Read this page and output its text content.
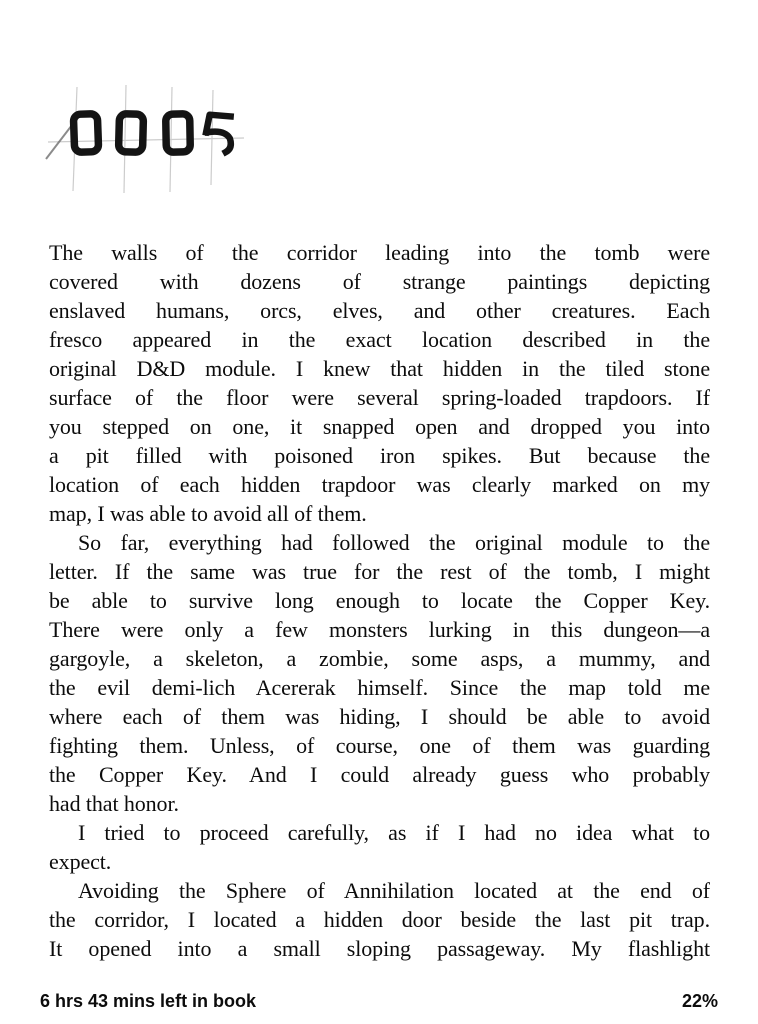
The walls of the corridor leading into the tomb were
covered with dozens of strange paintings depicting
enslaved humans, orcs, elves, and other creatures. Each
fresco appeared in the exact location described in the
original D&D module. I knew that hidden in the tiled stone
surface of the floor were several spring-loaded trapdoors. If
you stepped on one, it snapped open and dropped you into
a pit filled with poisoned iron spikes. But because the
location of each hidden trapdoor was clearly marked on my
map, I was able to avoid all of them.
So far, everything had followed the original module to the
letter. If the same was true for the rest of the tomb, I might
be able to survive long enough to locate the Copper Key.
There were only a few monsters lurking in this dungeon—a
gargoyle, a skeleton, a zombie, some asps, a mummy, and
the evil demi-lich Acererak himself. Since the map told me
where each of them was hiding, I should be able to avoid
fighting them. Unless, of course, one of them was guarding
the Copper Key. And I could already guess who probably
had that honor.
I tried to proceed carefully, as if I had no idea what to
expect.
Avoiding the Sphere of Annihilation located at the end of
the corridor, I located a hidden door beside the last pit trap.
It opened into a small sloping passageway. My flashlight
6 hrs 43 mins left in book	22%
